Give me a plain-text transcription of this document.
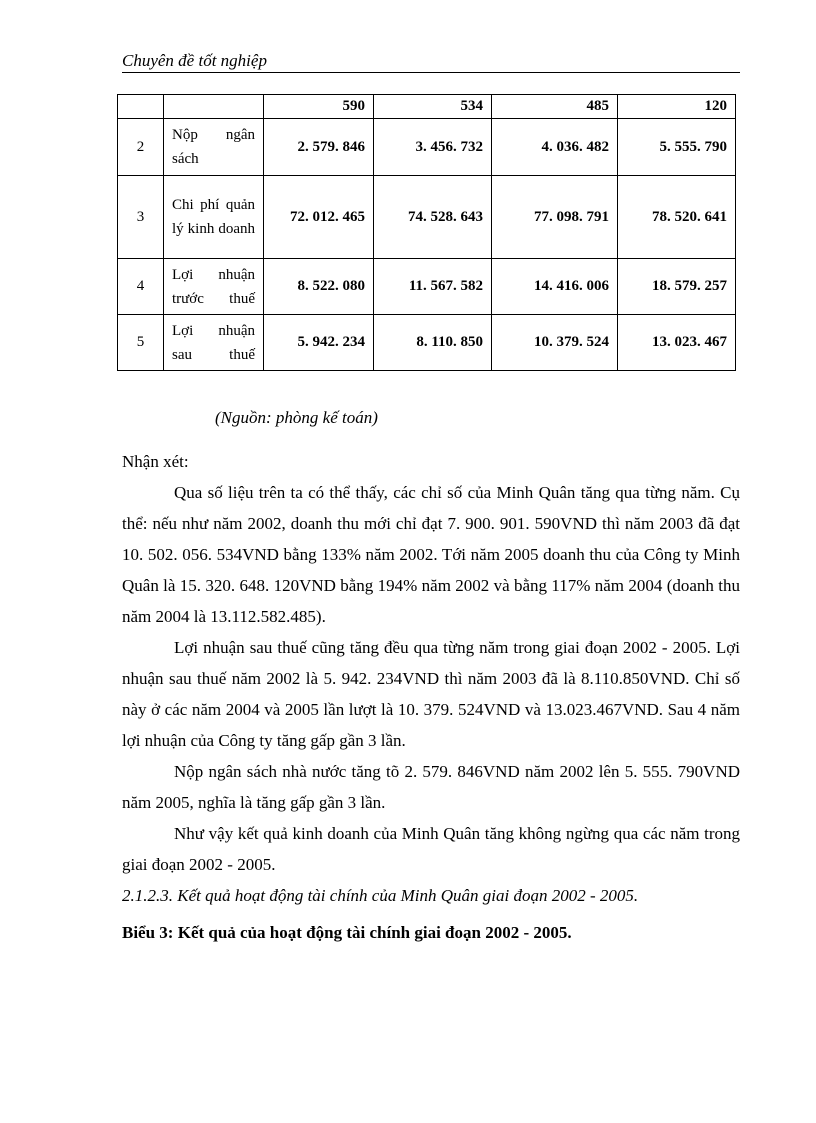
Chuyên đề tốt nghiệp
		590	534	485	120
2	Nộp ngân sách	2. 579. 846	3. 456. 732	4. 036. 482	5. 555. 790
3	Chi phí quản lý kinh doanh	72. 012. 465	74. 528. 643	77. 098. 791	78. 520. 641
4	Lợi nhuận trước thuế	8. 522. 080	11. 567. 582	14. 416. 006	18. 579. 257
5	Lợi nhuận sau thuế	5. 942. 234	8. 110. 850	10. 379. 524	13. 023. 467
(Nguồn: phòng kế toán)

Nhận xét:

Qua số liệu trên ta có thể thấy, các chỉ số của Minh Quân tăng qua từng năm. Cụ thể: nếu như năm 2002, doanh thu mới chỉ đạt 7. 900. 901. 590VND thì năm 2003 đã đạt 10. 502. 056. 534VND bằng 133% năm 2002. Tới năm 2005 doanh thu của Công ty Minh Quân là 15. 320. 648. 120VND bằng 194% năm 2002 và bằng 117% năm 2004 (doanh thu năm 2004 là 13.112.582.485).

Lợi nhuận sau thuế cũng tăng đều qua từng năm trong giai đoạn 2002 - 2005. Lợi nhuận sau thuế năm 2002 là 5. 942. 234VND thì năm 2003 đã là 8.110.850VND. Chỉ số này ở các năm 2004 và 2005 lần lượt là 10. 379. 524VND và 13.023.467VND. Sau 4 năm lợi nhuận của Công ty tăng gấp gần 3 lần.

Nộp ngân sách nhà nước tăng tõ 2. 579. 846VND năm 2002 lên 5. 555. 790VND năm 2005, nghĩa là tăng gấp gần 3 lần.

Như vậy kết quả kinh doanh của Minh Quân tăng không ngừng qua các năm trong giai đoạn 2002 - 2005.

2.1.2.3. Kết quả hoạt động tài chính của Minh Quân giai đoạn 2002 - 2005.

Biểu 3: Kết quả của hoạt động tài chính giai đoạn 2002 - 2005.
